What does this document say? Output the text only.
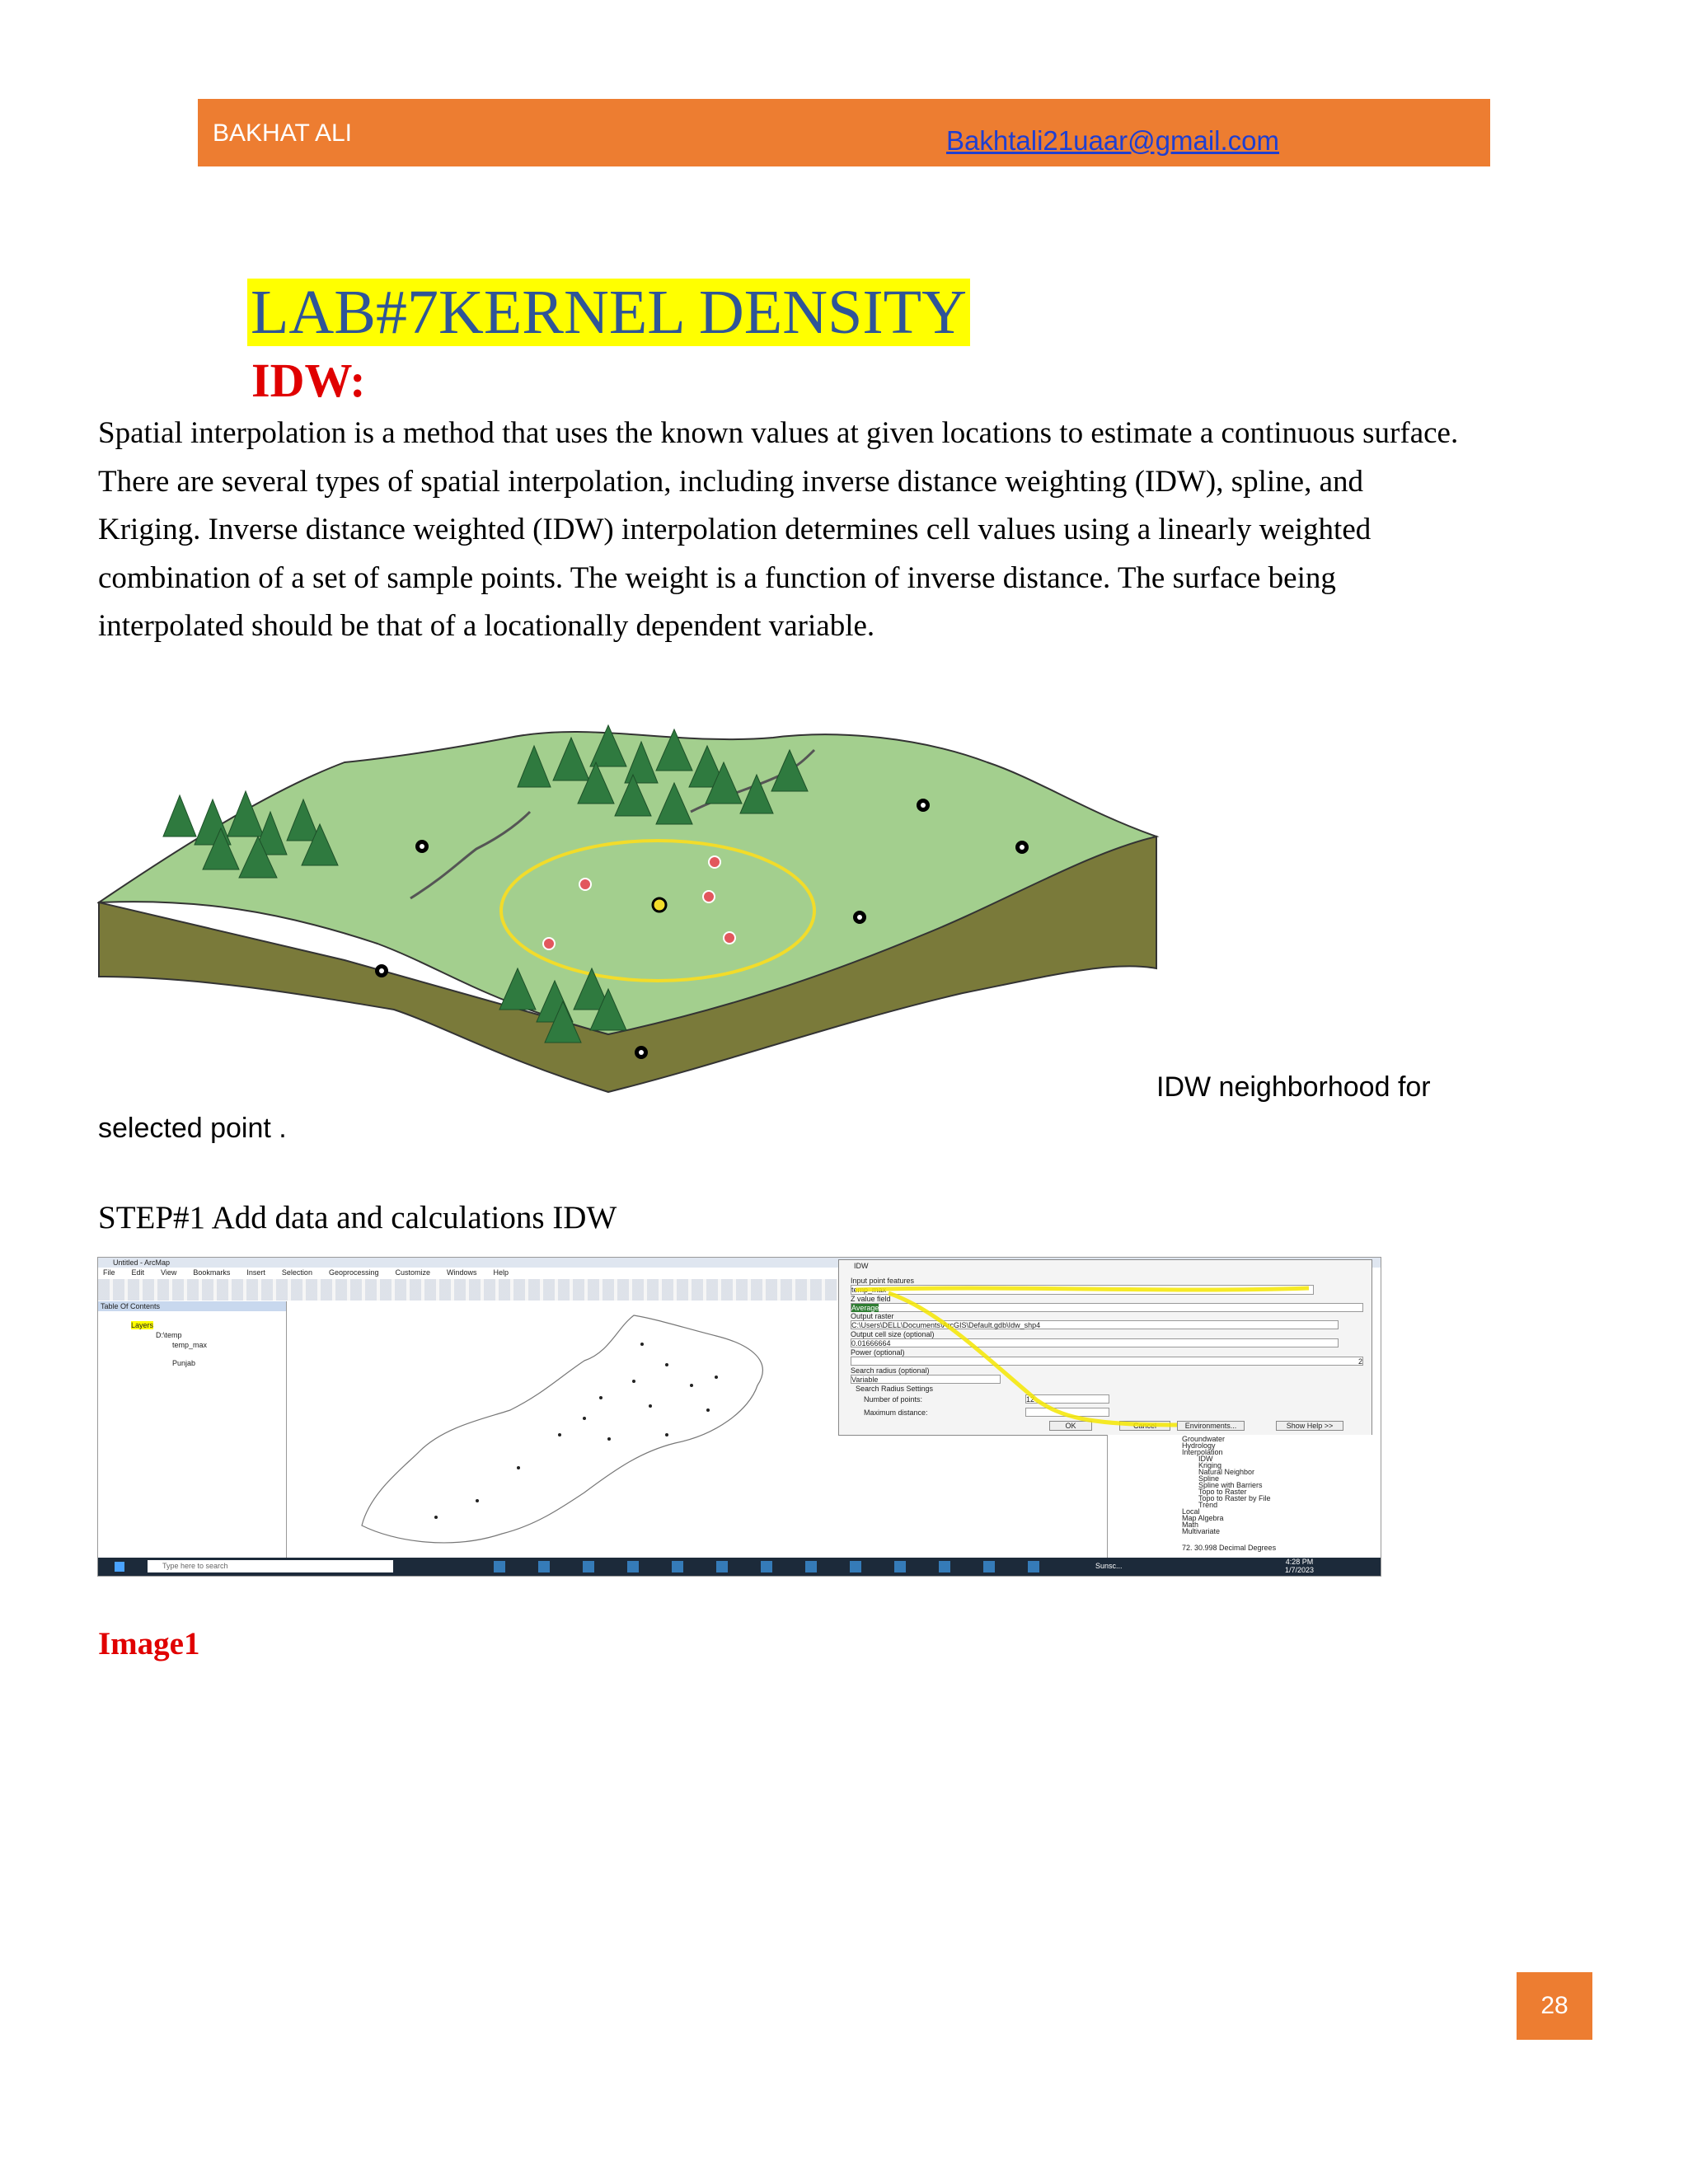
BAKHAT ALI	Bakhtali21uaar@gmail.com
LAB#7KERNEL DENSITY
IDW:
Spatial interpolation is a method that uses the known values at given locations to estimate a continuous surface. There are several types of spatial interpolation, including inverse distance weighting (IDW), spline, and Kriging. Inverse distance weighted (IDW) interpolation determines cell values using a linearly weighted combination of a set of sample points. The weight is a function of inverse distance. The surface being interpolated should be that of a locationally dependent variable.
IDW neighborhood for
selected point .
STEP#1 Add data and calculations IDW
Untitled - ArcMap
File Edit View Bookmarks Insert Selection Geoprocessing Customize Windows Help
Table Of Contents
Layers
D:\temp
temp_max
Punjab
IDW
Input point features
temp_max
Z value field
Average
Output raster
C:\Users\DELL\Documents\ArcGIS\Default.gdb\Idw_shp4
Output cell size (optional)
0.01666664
Power (optional)
2
Search radius (optional)
Variable
Search Radius Settings
Number of points:	12
Maximum distance:
OK	Cancel	Environments...	Show Help >>
Groundwater
Hydrology
Interpolation
IDW
Kriging
Natural Neighbor
Spline
Spline with Barriers
Topo to Raster
Topo to Raster by File
Trend
Local
Map Algebra
Math
Multivariate
72. 30.998 Decimal Degrees
Type here to search	Sunsc...	4:28 PM
1/7/2023
Image1
28
